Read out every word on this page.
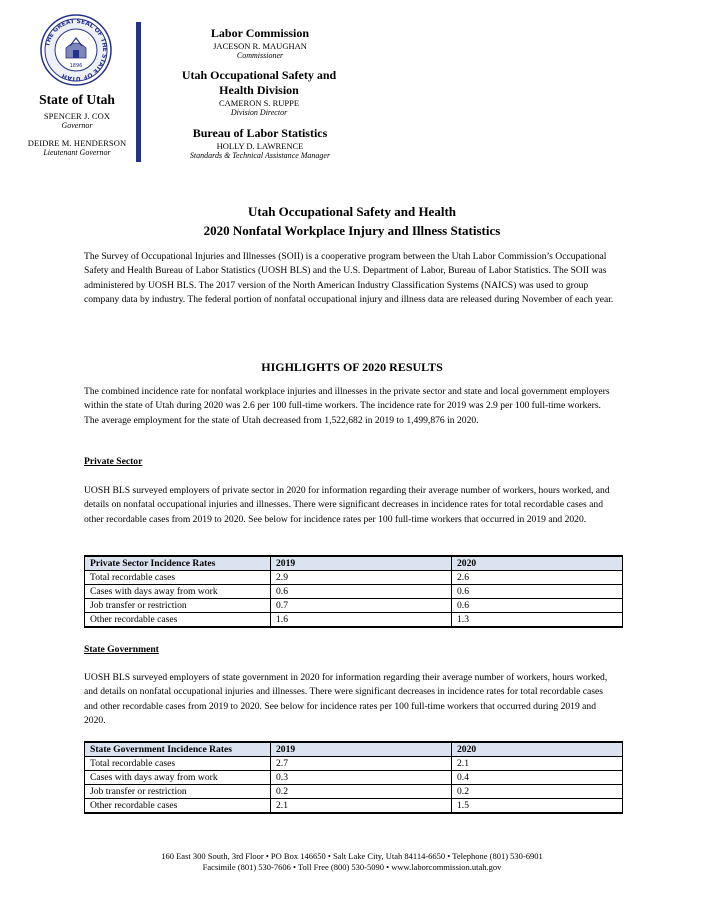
THE GREAT SEAL OF THE STATE OF UTAH
1896
State of Utah
SPENCER J. COX
Governor
DEIDRE M. HENDERSON
Lieutenant Governor
Labor Commission
JACESON R. MAUGHAN
Commissioner
Utah Occupational Safety and Health Division
CAMERON S. RUPPE
Division Director
Bureau of Labor Statistics
HOLLY D. LAWRENCE
Standards & Technical Assistance Manager
Utah Occupational Safety and Health
2020 Nonfatal Workplace Injury and Illness Statistics
The Survey of Occupational Injuries and Illnesses (SOII) is a cooperative program between the Utah Labor Commission’s Occupational Safety and Health Bureau of Labor Statistics (UOSH BLS) and the U.S. Department of Labor, Bureau of Labor Statistics. The SOII was administered by UOSH BLS. The 2017 version of the North American Industry Classification Systems (NAICS) was used to group company data by industry. The federal portion of nonfatal occupational injury and illness data are released during November of each year.
HIGHLIGHTS OF 2020 RESULTS
The combined incidence rate for nonfatal workplace injuries and illnesses in the private sector and state and local government employers within the state of Utah during 2020 was 2.6 per 100 full-time workers. The incidence rate for 2019 was 2.9 per 100 full-time workers. The average employment for the state of Utah decreased from 1,522,682 in 2019 to 1,499,876 in 2020.
Private Sector
UOSH BLS surveyed employers of private sector in 2020 for information regarding their average number of workers, hours worked, and details on nonfatal occupational injuries and illnesses. There were significant decreases in incidence rates for total recordable cases and other recordable cases from 2019 to 2020. See below for incidence rates per 100 full-time workers that occurred in 2019 and 2020.
Private Sector Incidence Rates	2019	2020
Total recordable cases	2.9	2.6
Cases with days away from work	0.6	0.6
Job transfer or restriction	0.7	0.6
Other recordable cases	1.6	1.3
State Government
UOSH BLS surveyed employers of state government in 2020 for information regarding their average number of workers, hours worked, and details on nonfatal occupational injuries and illnesses. There were significant decreases in incidence rates for total recordable cases and other recordable cases from 2019 to 2020. See below for incidence rates per 100 full-time workers that occurred during 2019 and 2020.
State Government Incidence Rates	2019	2020
Total recordable cases	2.7	2.1
Cases with days away from work	0.3	0.4
Job transfer or restriction	0.2	0.2
Other recordable cases	2.1	1.5
160 East 300 South, 3rd Floor • PO Box 146650 • Salt Lake City, Utah 84114-6650 • Telephone (801) 530-6901
Facsimile (801) 530-7606 • Toll Free (800) 530-5090 • www.laborcommission.utah.gov
